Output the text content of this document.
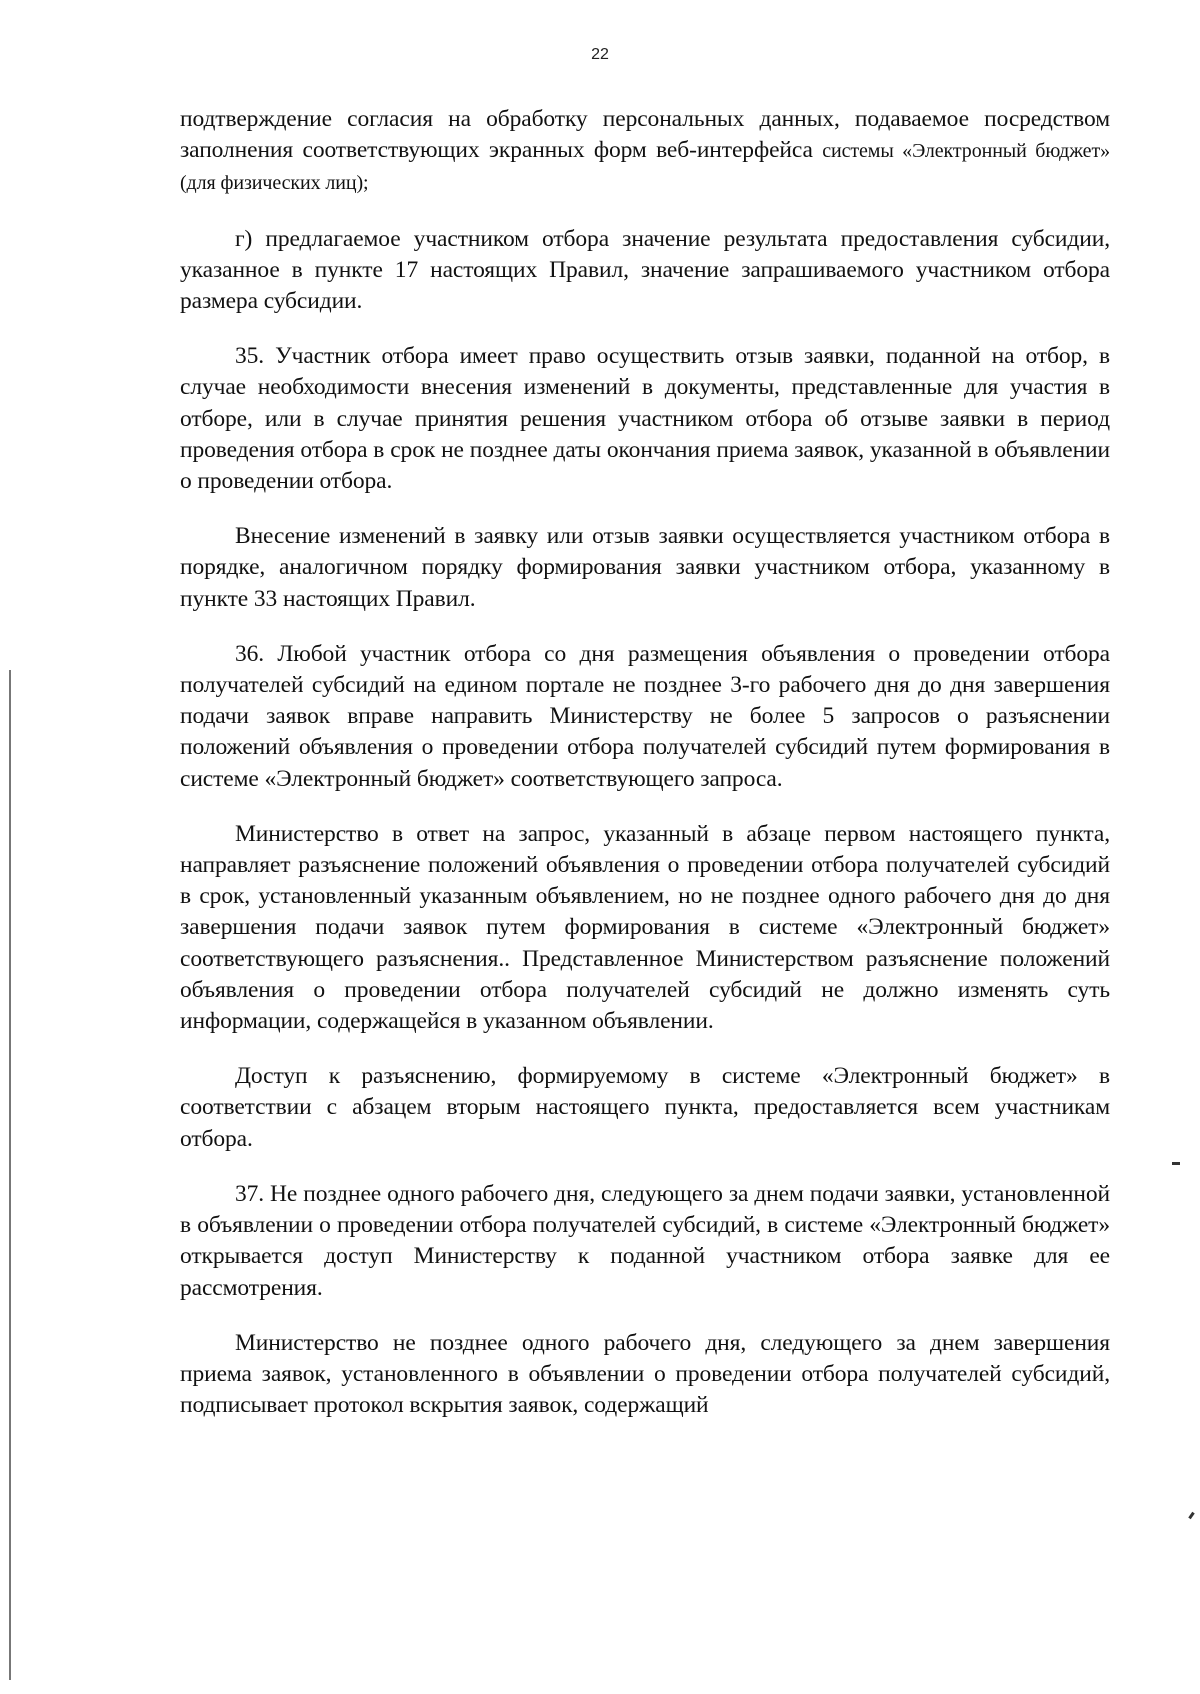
22

подтверждение согласия на обработку персональных данных, подаваемое посредством заполнения соответствующих экранных форм веб-интерфейса системы «Электронный бюджет» (для физических лиц);

г) предлагаемое участником отбора значение результата предоставления субсидии, указанное в пункте 17 настоящих Правил, значение запрашиваемого участником отбора размера субсидии.

35. Участник отбора имеет право осуществить отзыв заявки, поданной на отбор, в случае необходимости внесения изменений в документы, представленные для участия в отборе, или в случае принятия решения участником отбора об отзыве заявки в период проведения отбора в срок не позднее даты окончания приема заявок, указанной в объявлении о проведении отбора.

Внесение изменений в заявку или отзыв заявки осуществляется участником отбора в порядке, аналогичном порядку формирования заявки участником отбора, указанному в пункте 33 настоящих Правил.

36. Любой участник отбора со дня размещения объявления о проведении отбора получателей субсидий на едином портале не позднее 3-го рабочего дня до дня завершения подачи заявок вправе направить Министерству не более 5 запросов о разъяснении положений объявления о проведении отбора получателей субсидий путем формирования в системе «Электронный бюджет» соответствующего запроса.

Министерство в ответ на запрос, указанный в абзаце первом настоящего пункта, направляет разъяснение положений объявления о проведении отбора получателей субсидий в срок, установленный указанным объявлением, но не позднее одного рабочего дня до дня завершения подачи заявок путем формирования в системе «Электронный бюджет» соответствующего разъяснения.. Представленное Министерством разъяснение положений объявления о проведении отбора получателей субсидий не должно изменять суть информации, содержащейся в указанном объявлении.

Доступ к разъяснению, формируемому в системе «Электронный бюджет» в соответствии с абзацем вторым настоящего пункта, предоставляется всем участникам отбора.

37. Не позднее одного рабочего дня, следующего за днем подачи заявки, установленной в объявлении о проведении отбора получателей субсидий, в системе «Электронный бюджет» открывается доступ Министерству к поданной участником отбора заявке для ее рассмотрения.

Министерство не позднее одного рабочего дня, следующего за днем завершения приема заявок, установленного в объявлении о проведении отбора получателей субсидий, подписывает протокол вскрытия заявок, содержащий
